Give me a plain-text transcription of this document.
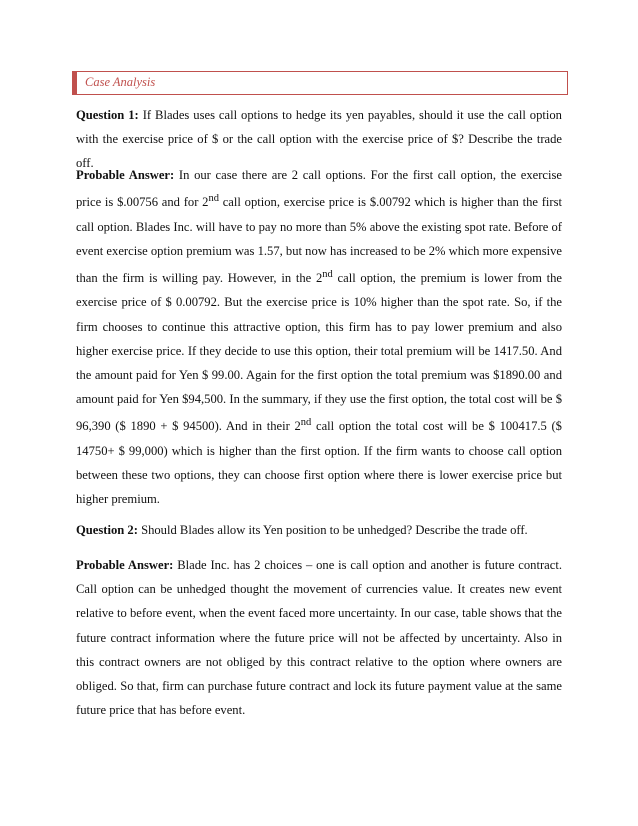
Case Analysis

Question 1: If Blades uses call options to hedge its yen payables, should it use the call option with the exercise price of $ or the call option with the exercise price of $? Describe the trade off.

Probable Answer: In our case there are 2 call options. For the first call option, the exercise price is $.00756 and for 2nd call option, exercise price is $.00792 which is higher than the first call option. Blades Inc. will have to pay no more than 5% above the existing spot rate. Before of event exercise option premium was 1.57, but now has increased to be 2% which more expensive than the firm is willing pay. However, in the 2nd call option, the premium is lower from the exercise price of $ 0.00792. But the exercise price is 10% higher than the spot rate. So, if the firm chooses to continue this attractive option, this firm has to pay lower premium and also higher exercise price. If they decide to use this option, their total premium will be 1417.50. And the amount paid for Yen $ 99.00. Again for the first option the total premium was $1890.00 and amount paid for Yen $94,500. In the summary, if they use the first option, the total cost will be $ 96,390 ($ 1890 + $ 94500). And in their 2nd call option the total cost will be $ 100417.5 ($ 14750+ $ 99,000) which is higher than the first option. If the firm wants to choose call option between these two options, they can choose first option where there is lower exercise price but higher premium.

Question 2: Should Blades allow its Yen position to be unhedged? Describe the trade off.

Probable Answer: Blade Inc. has 2 choices – one is call option and another is future contract. Call option can be unhedged thought the movement of currencies value. It creates new event relative to before event, when the event faced more uncertainty. In our case, table shows that the future contract information where the future price will not be affected by uncertainty. Also in this contract owners are not obliged by this contract relative to the option where owners are obliged. So that, firm can purchase future contract and lock its future payment value at the same future price that has before event.
